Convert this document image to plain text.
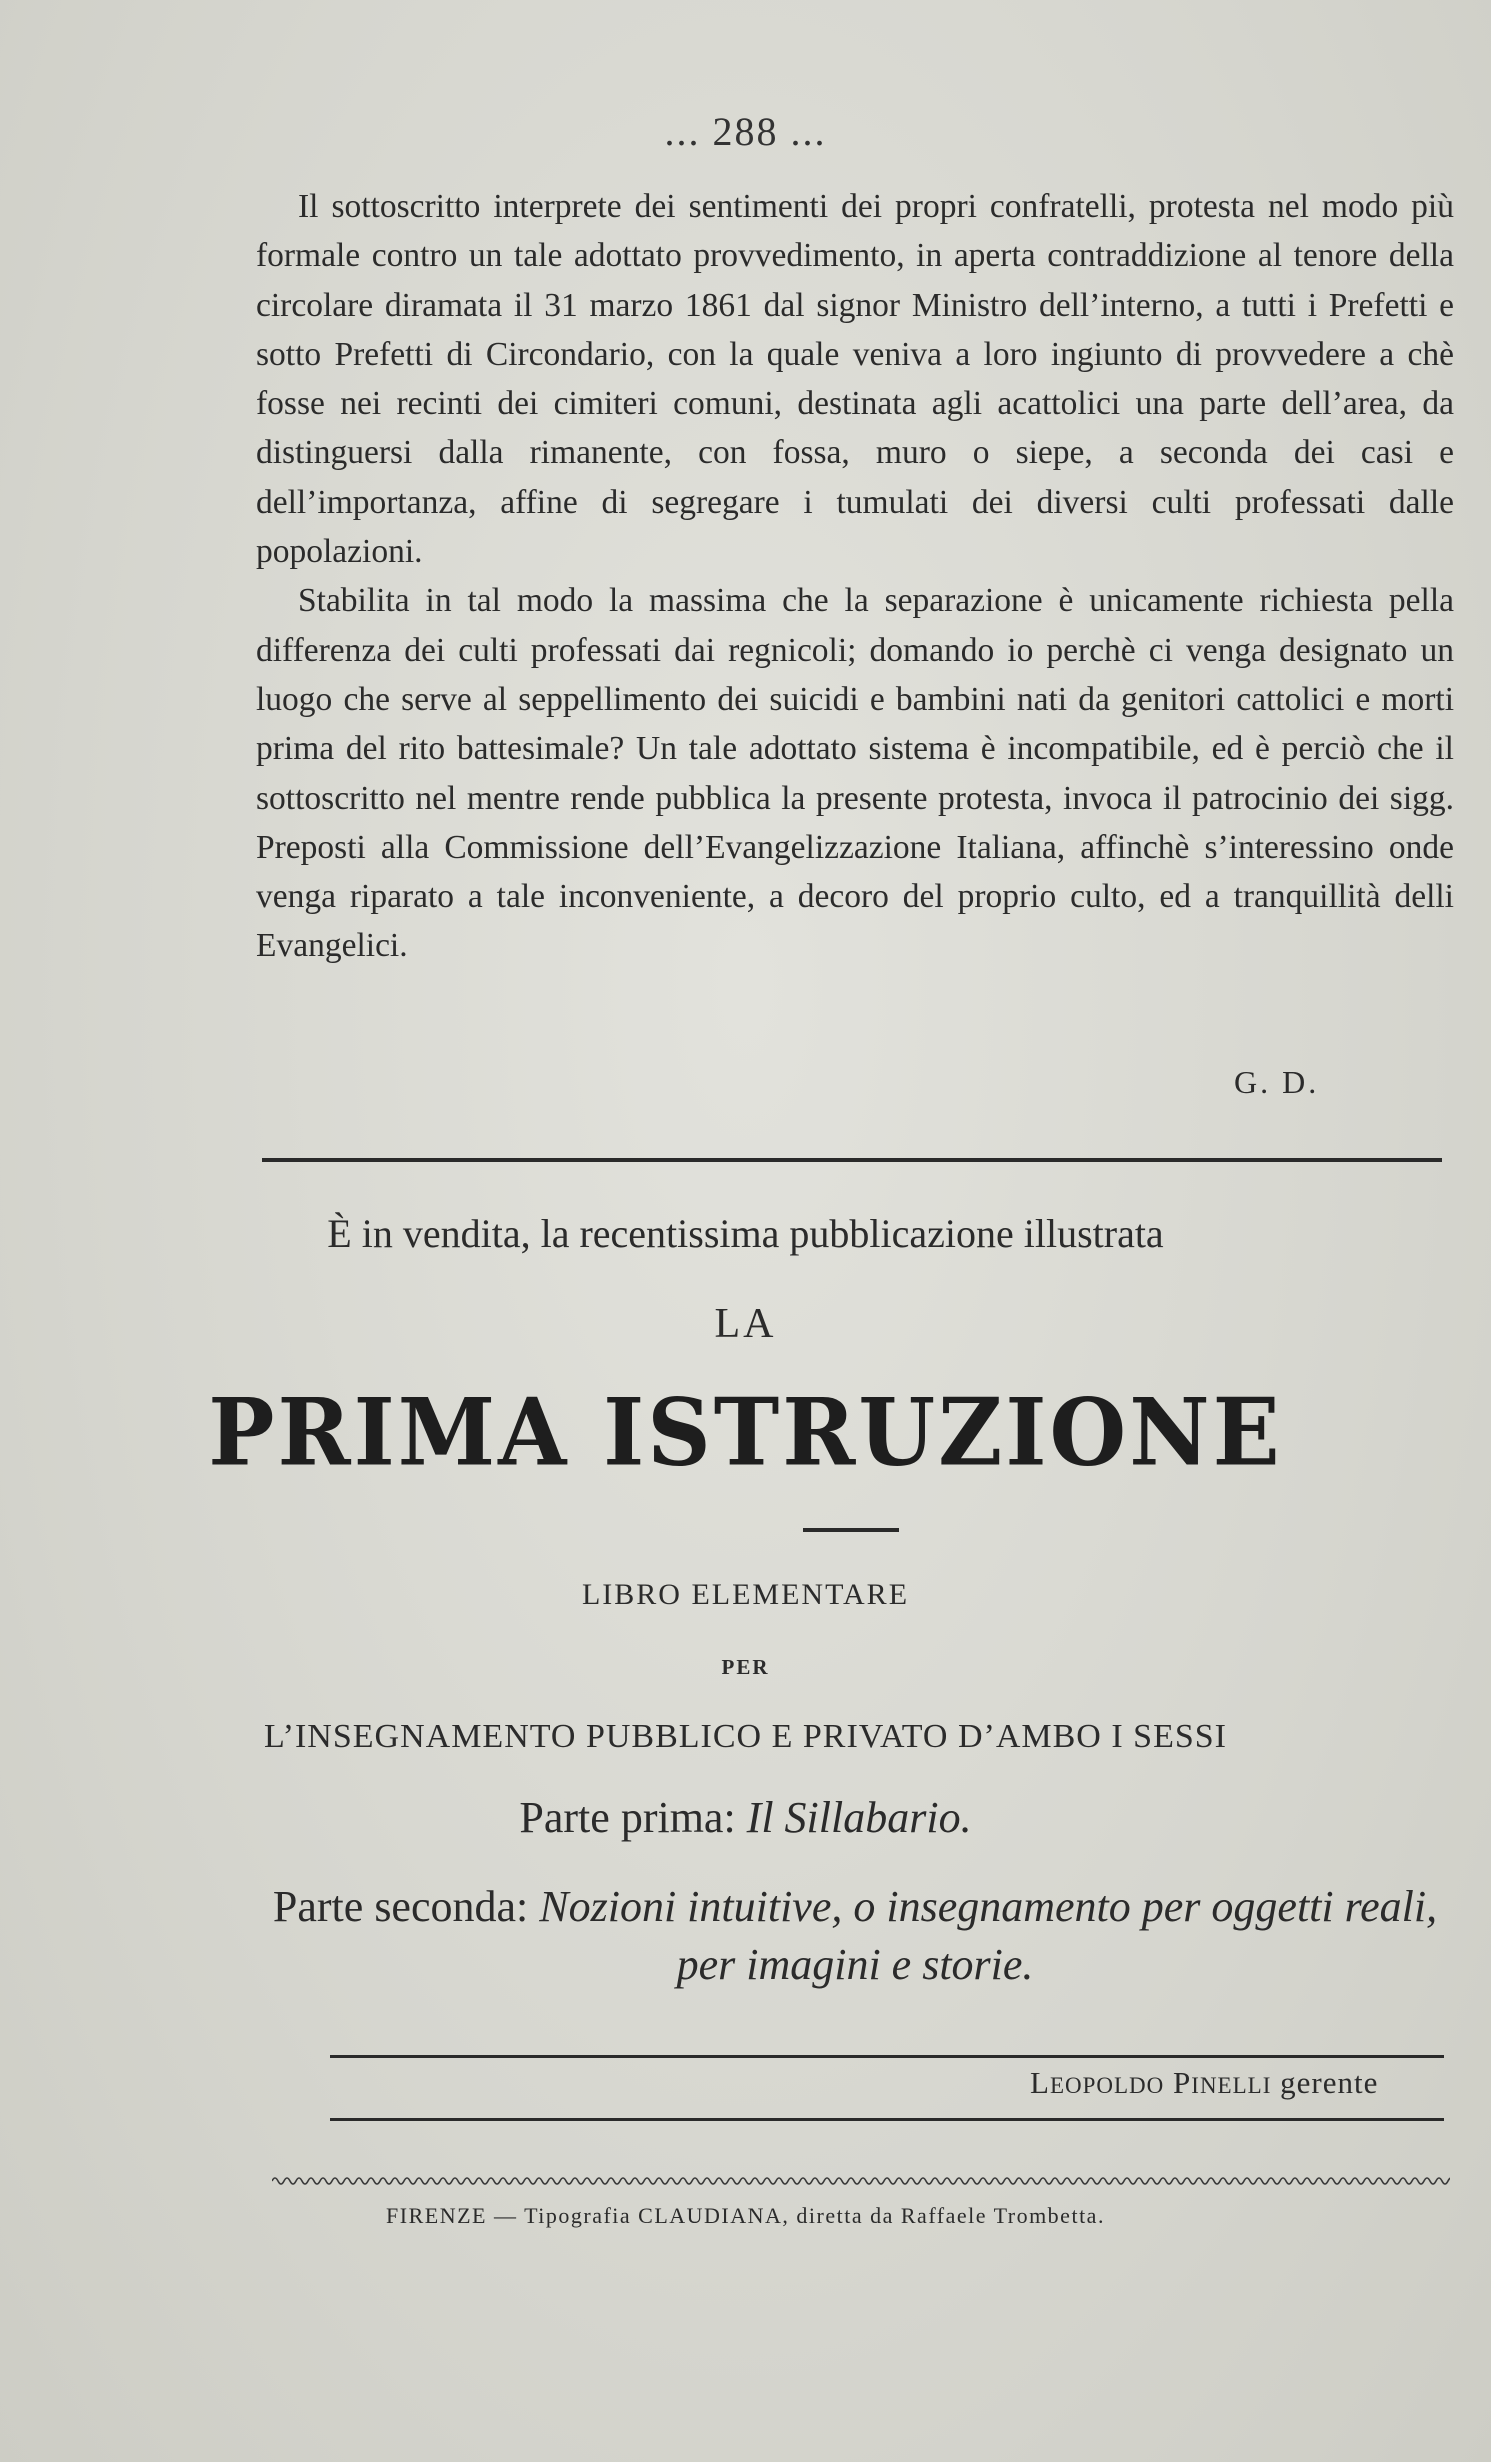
... 288 ...

Il sottoscritto interprete dei sentimenti dei propri confratelli, protesta nel modo più formale contro un tale adottato provvedimento, in aperta contraddizione al tenore della circolare diramata il 31 marzo 1861 dal signor Ministro dell’interno, a tutti i Prefetti e sotto Prefetti di Circondario, con la quale veniva a loro ingiunto di provvedere a chè fosse nei recinti dei cimiteri comuni, destinata agli acattolici una parte dell’area, da distinguersi dalla rimanente, con fossa, muro o siepe, a seconda dei casi e dell’importanza, affine di segregare i tumulati dei diversi culti professati dalle popolazioni.

Stabilita in tal modo la massima che la separazione è unicamente richiesta pella differenza dei culti professati dai regnicoli; domando io perchè ci venga designato un luogo che serve al seppellimento dei suicidi e bambini nati da genitori cattolici e morti prima del rito battesimale? Un tale adottato sistema è incompatibile, ed è perciò che il sottoscritto nel mentre rende pubblica la presente protesta, invoca il patrocinio dei sigg. Preposti alla Commissione dell’Evangelizzazione Italiana, affinchè s’interessino onde venga riparato a tale inconveniente, a decoro del proprio culto, ed a tranquillità delli Evangelici.

G. D.
È in vendita, la recentissima pubblicazione illustrata
LA
PRIMA ISTRUZIONE
LIBRO ELEMENTARE
PER
L’INSEGNAMENTO PUBBLICO E PRIVATO D’AMBO I SESSI
Parte prima: Il Sillabario.
Parte seconda: Nozioni intuitive, o insegnamento per oggetti reali, per imagini e storie.
LEOPOLDO PINELLI gerente
FIRENZE — Tipografia CLAUDIANA, diretta da Raffaele Trombetta.
